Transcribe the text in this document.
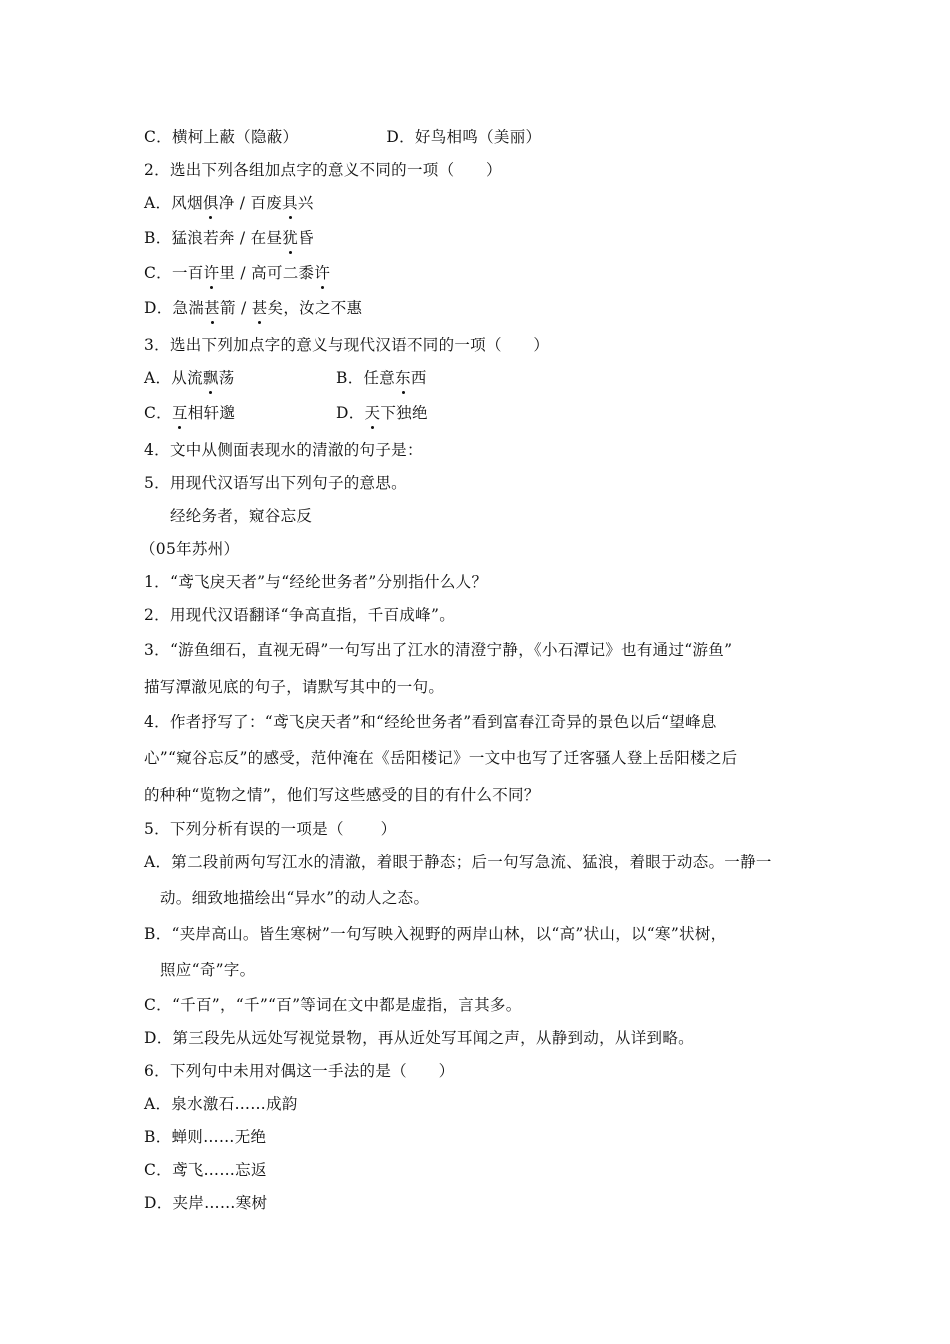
C．横柯上蔽（隐蔽）	D．好鸟相鸣（美丽）
2．选出下列各组加点字的意义不同的一项（　　）
A．风烟俱净 / 百废具兴
B．猛浪若奔 / 在昼犹昏
C．一百许里 / 高可二黍许
D．急湍甚箭 / 甚矣，汝之不惠
3．选出下列加点字的意义与现代汉语不同的一项（　　）
A．从流飘荡	B．任意东西
C．互相轩邈	D．天下独绝
4．文中从侧面表现水的清澈的句子是：
5．用现代汉语写出下列句子的意思。
经纶务者，窥谷忘反
（05年苏州）
1．“鸢飞戾天者”与“经纶世务者”分别指什么人？
2．用现代汉语翻译“争高直指，千百成峰”。
3．“游鱼细石，直视无碍”一句写出了江水的清澄宁静，《小石潭记》也有通过“游鱼”
描写潭澈见底的句子，请默写其中的一句。
4．作者抒写了：“鸢飞戾天者”和“经纶世务者”看到富春江奇异的景色以后“望峰息
心”“窥谷忘反”的感受，范仲淹在《岳阳楼记》一文中也写了迁客骚人登上岳阳楼之后
的种种“览物之情”，他们写这些感受的目的有什么不同？
5．下列分析有误的一项是（　　 ）
A．第二段前两句写江水的清澈，着眼于静态；后一句写急流、猛浪，着眼于动态。一静一
动。细致地描绘出“异水”的动人之态。
B．“夹岸高山。皆生寒树”一句写映入视野的两岸山林，以“高”状山，以“寒”状树，
照应“奇”字。
C．“千百”，“千”“百”等词在文中都是虚指，言其多。
D．第三段先从远处写视觉景物，再从近处写耳闻之声，从静到动，从详到略。
6．下列句中未用对偶这一手法的是（　　）
A．泉水激石……成韵
B．蝉则……无绝
C．鸢飞……忘返
D．夹岸……寒树
